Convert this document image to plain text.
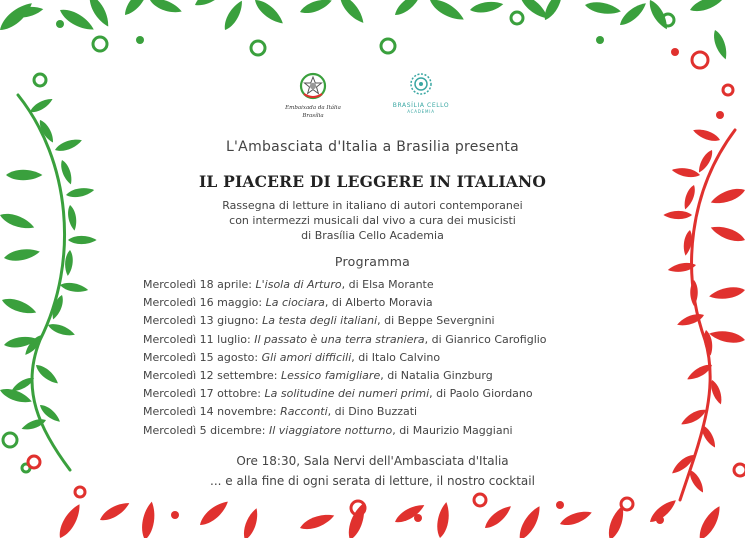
Embaixada da Itália
Brasília
BRASÍLIA CELLO
ACADEMIA
L'Ambasciata d'Italia a Brasilia presenta
IL PIACERE DI LEGGERE IN ITALIANO
Rassegna di letture in italiano di autori contemporanei
con intermezzi musicali dal vivo a cura dei musicisti
di Brasília Cello Academia
Programma
Mercoledì 18 aprile: L'isola di Arturo, di Elsa Morante
Mercoledì 16 maggio: La ciociara, di Alberto Moravia
Mercoledì 13 giugno: La testa degli italiani, di Beppe Severgnini
Mercoledì 11 luglio: Il passato è una terra straniera, di Gianrico Carofiglio
Mercoledì 15 agosto: Gli amori difficili, di Italo Calvino
Mercoledì 12 settembre: Lessico famigliare, di Natalia Ginzburg
Mercoledì 17 ottobre: La solitudine dei numeri primi, di Paolo Giordano
Mercoledì 14 novembre: Racconti, di Dino Buzzati
Mercoledì 5 dicembre: Il viaggiatore notturno, di Maurizio Maggiani
Ore 18:30, Sala Nervi dell'Ambasciata d'Italia
... e alla fine di ogni serata di letture, il nostro cocktail
